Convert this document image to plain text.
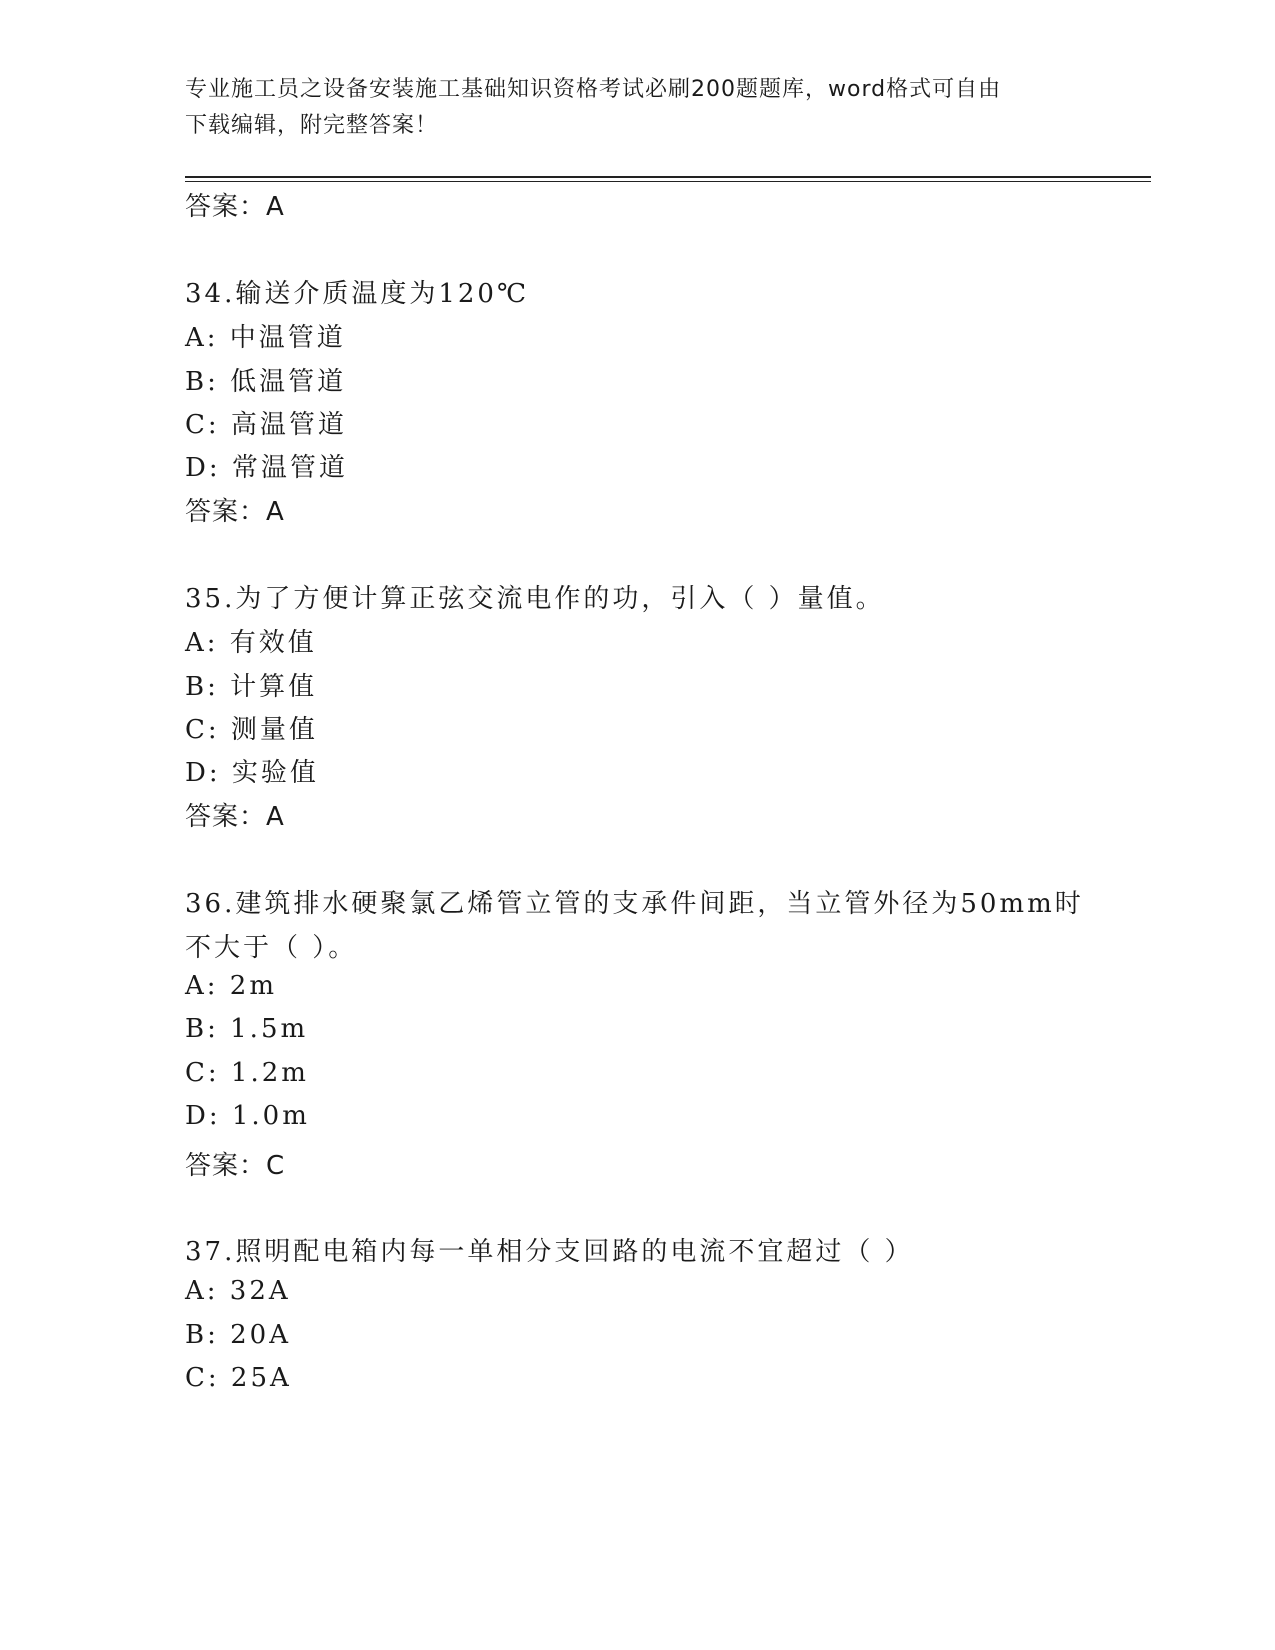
专业施工员之设备安装施工基础知识资格考试必刷200题题库，word格式可自由
下载编辑，附完整答案！
答案：A
34.输送介质温度为120℃
A: 中温管道
B: 低温管道
C: 高温管道
D: 常温管道
答案：A
35.为了方便计算正弦交流电作的功，引入（ ）量值。
A: 有效值
B: 计算值
C: 测量值
D: 实验值
答案：A
36.建筑排水硬聚氯乙烯管立管的支承件间距，当立管外径为50mm时
不大于（ ）。
A: 2m
B: 1.5m
C: 1.2m
D: 1.0m
答案：C
37.照明配电箱内每一单相分支回路的电流不宜超过（ ）
A: 32A
B: 20A
C: 25A
